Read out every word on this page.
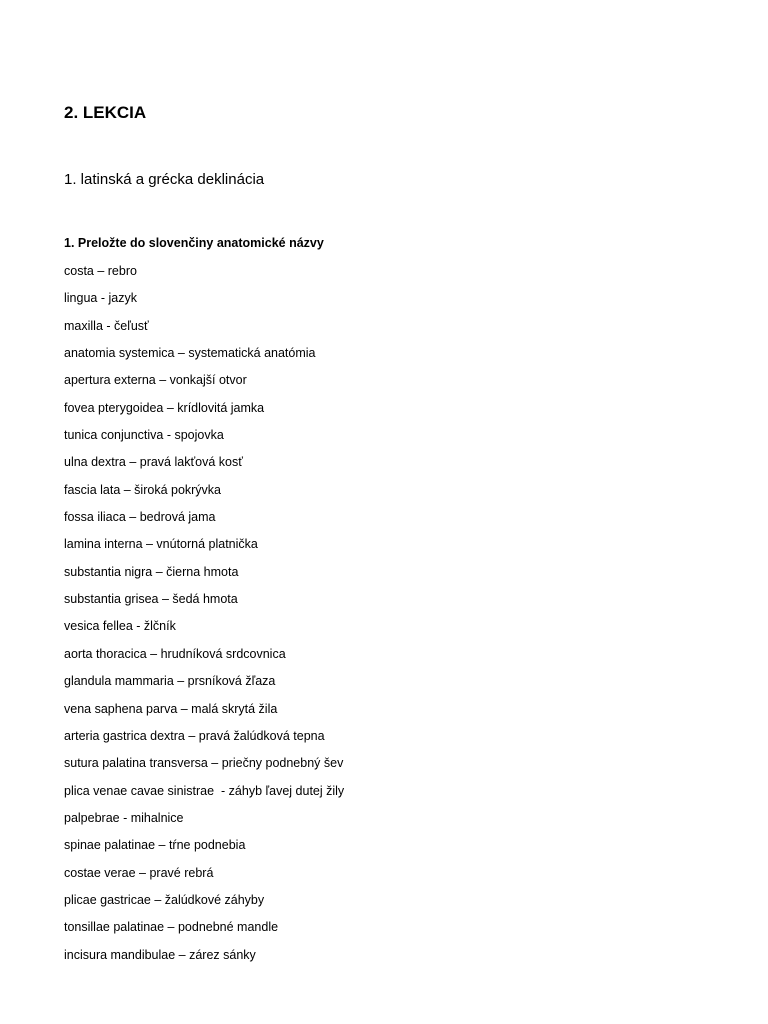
2. LEKCIA
1. latinská a grécka deklinácia
1. Preložte do slovenčiny anatomické názvy
costa – rebro
lingua - jazyk
maxilla - čeľusť
anatomia systemica – systematická anatómia
apertura externa – vonkajší otvor
fovea pterygoidea – krídlovitá jamka
tunica conjunctiva - spojovka
ulna dextra – pravá lakťová kosť
fascia lata – široká pokrývka
fossa iliaca – bedrová jama
lamina interna – vnútorná platnička
substantia nigra – čierna hmota
substantia grisea – šedá hmota
vesica fellea - žlčník
aorta thoracica – hrudníková srdcovnica
glandula mammaria – prsníková žľaza
vena saphena parva – malá skrytá žila
arteria gastrica dextra – pravá žalúdková tepna
sutura palatina transversa – priečny podnebný šev
plica venae cavae sinistrae  - záhyb ľavej dutej žily
palpebrae - mihalnice
spinae palatinae – tŕne podnebia
costae verae – pravé rebrá
plicae gastricae – žalúdkové záhyby
tonsillae palatinae – podnebné mandle
incisura mandibulae – zárez sánky
